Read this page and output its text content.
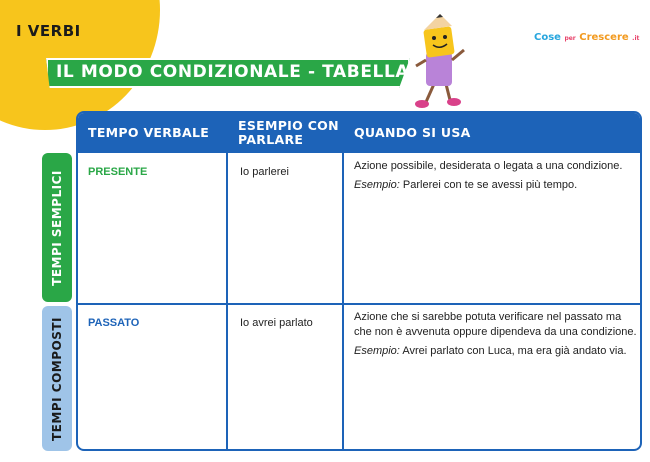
I VERBI
IL MODO CONDIZIONALE - TABELLA
Cose per Crescere .it
TEMPI SEMPLICI
TEMPI COMPOSTI
TEMPO VERBALE	ESEMPIO CON PARLARE	QUANDO SI USA
PRESENTE	Io parlerei	Azione possibile, desiderata o legata a una condizione.
Esempio: Parlerei con te se avessi più tempo.
PASSATO	Io avrei parlato	Azione che si sarebbe potuta verificare nel passato ma che non è avvenuta oppure dipendeva da una condizione.
Esempio: Avrei parlato con Luca, ma era già andato via.
